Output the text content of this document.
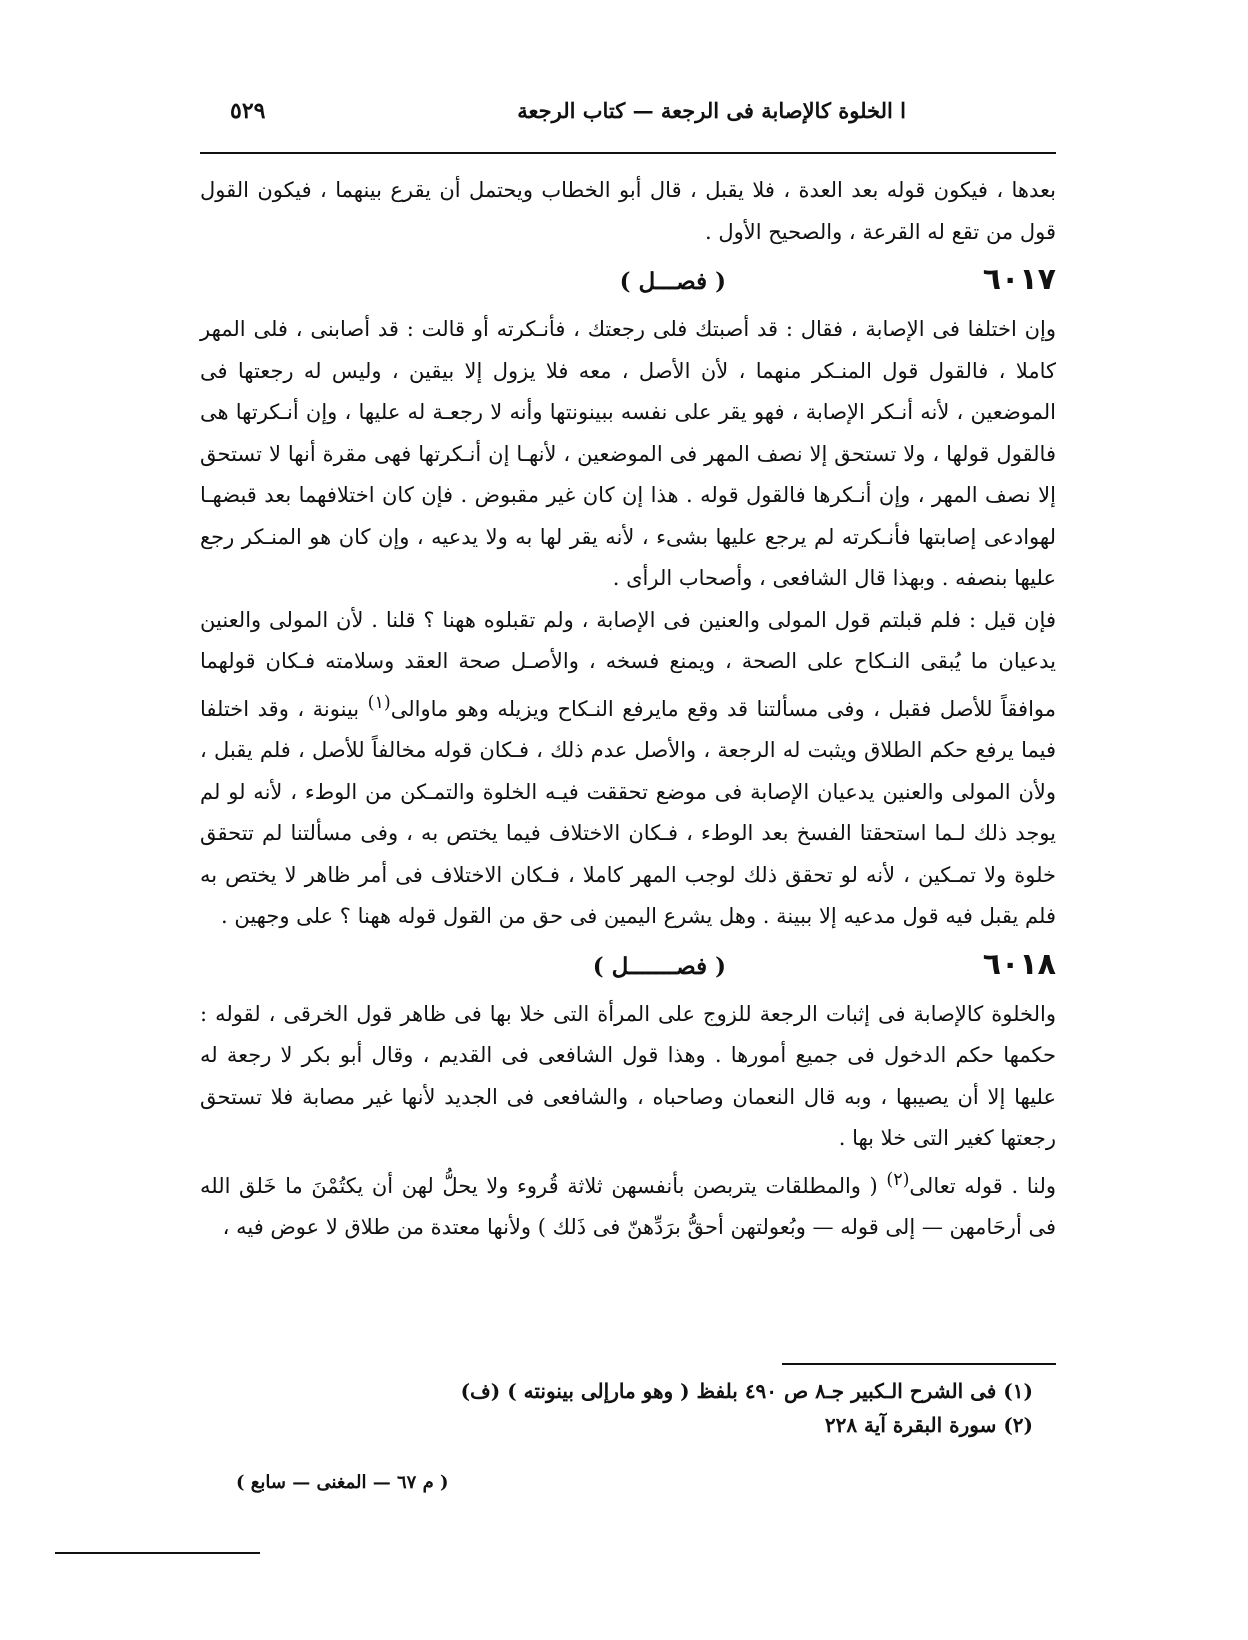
ا الخلوة كالإصابة فى الرجعة — كتاب الرجعة
٥٢٩

بعدها ، فيكون قوله بعد العدة ، فلا يقبل ، قال أبو الخطاب ويحتمل أن يقرع بينهما ، فيكون القول قول من تقع له القرعة ، والصحيح الأول .

٦٠١٧
( فصـــل )

وإن اختلفا فى الإصابة ، فقال : قد أصبتك فلى رجعتك ، فأنـكرته أو قالت : قد أصابنى ، فلى المهر كاملا ، فالقول قول المنـكر منهما ، لأن الأصل ، معه فلا يزول إلا بيقين ، وليس له رجعتها فى الموضعين ، لأنه أنـكر الإصابة ، فهو يقر على نفسه ببينونتها وأنه لا رجعـة له عليها ، وإن أنـكرتها هى فالقول قولها ، ولا تستحق إلا نصف المهر فى الموضعين ، لأنهـا إن أنـكرتها فهى مقرة أنها لا تستحق إلا نصف المهر ، وإن أنـكرها فالقول قوله . هذا إن كان غير مقبوض . فإن كان اختلافهما بعد قبضهـا لهوادعى إصابتها فأنـكرته لم يرجع عليها بشىء ، لأنه يقر لها به ولا يدعيه ، وإن كان هو المنـكر رجع عليها بنصفه . وبهذا قال الشافعى ، وأصحاب الرأى .

فإن قيل : فلم قبلتم قول المولى والعنين فى الإصابة ، ولم تقبلوه ههنا ؟ قلنا . لأن المولى والعنين يدعيان ما يُبقى النـكاح على الصحة ، ويمنع فسخه ، والأصـل صحة العقد وسلامته فـكان قولهما موافقاً للأصل فقبل ، وفى مسألتنا قد وقع مايرفع النـكاح ويزيله وهو ماوالى$^{(١)}$ بينونة ، وقد اختلفا فيما يرفع حكم الطلاق ويثبت له الرجعة ، والأصل عدم ذلك ، فـكان قوله مخالفاً للأصل ، فلم يقبل ، ولأن المولى والعنين يدعيان الإصابة فى موضع تحققت فيـه الخلوة والتمـكن من الوطء ، لأنه لو لم يوجد ذلك لـما استحقتا الفسخ بعد الوطء ، فـكان الاختلاف فيما يختص به ، وفى مسألتنا لم تتحقق خلوة ولا تمـكين ، لأنه لو تحقق ذلك لوجب المهر كاملا ، فـكان الاختلاف فى أمر ظاهر لا يختص به فلم يقبل فيه قول مدعيه إلا ببينة . وهل يشرع اليمين فى حق من القول قوله ههنا ؟ على وجهين .

٦٠١٨
( فصـــــــل )

والخلوة كالإصابة فى إثبات الرجعة للزوج على المرأة التى خلا بها فى ظاهر قول الخرقى ، لقوله : حكمها حكم الدخول فى جميع أمورها . وهذا قول الشافعى فى القديم ، وقال أبو بكر لا رجعة له عليها إلا أن يصيبها ، وبه قال النعمان وصاحباه ، والشافعى فى الجديد لأنها غير مصابة فلا تستحق رجعتها كغير التى خلا بها .

ولنا . قوله تعالى$^{(٢)}$ ( والمطلقات يتربصن بأنفسهن ثلاثة قُروء ولا يحلُّ لهن أن يكتُمْنَ ما خَلق الله فى أرحَامهن — إلى قوله — وبُعولتهن أحقُّ برَدِّهنّ فى ذَلك ) ولأنها معتدة من طلاق لا عوض فيه ،

(١) فى الشرح الـكبير جـ٨ ص ٤٩٠ بلفظ ( وهو مارإلى بينونته ) (ف)

(٢) سورة البقرة آية ٢٢٨

( م ٦٧ — المغنى — سابع )
